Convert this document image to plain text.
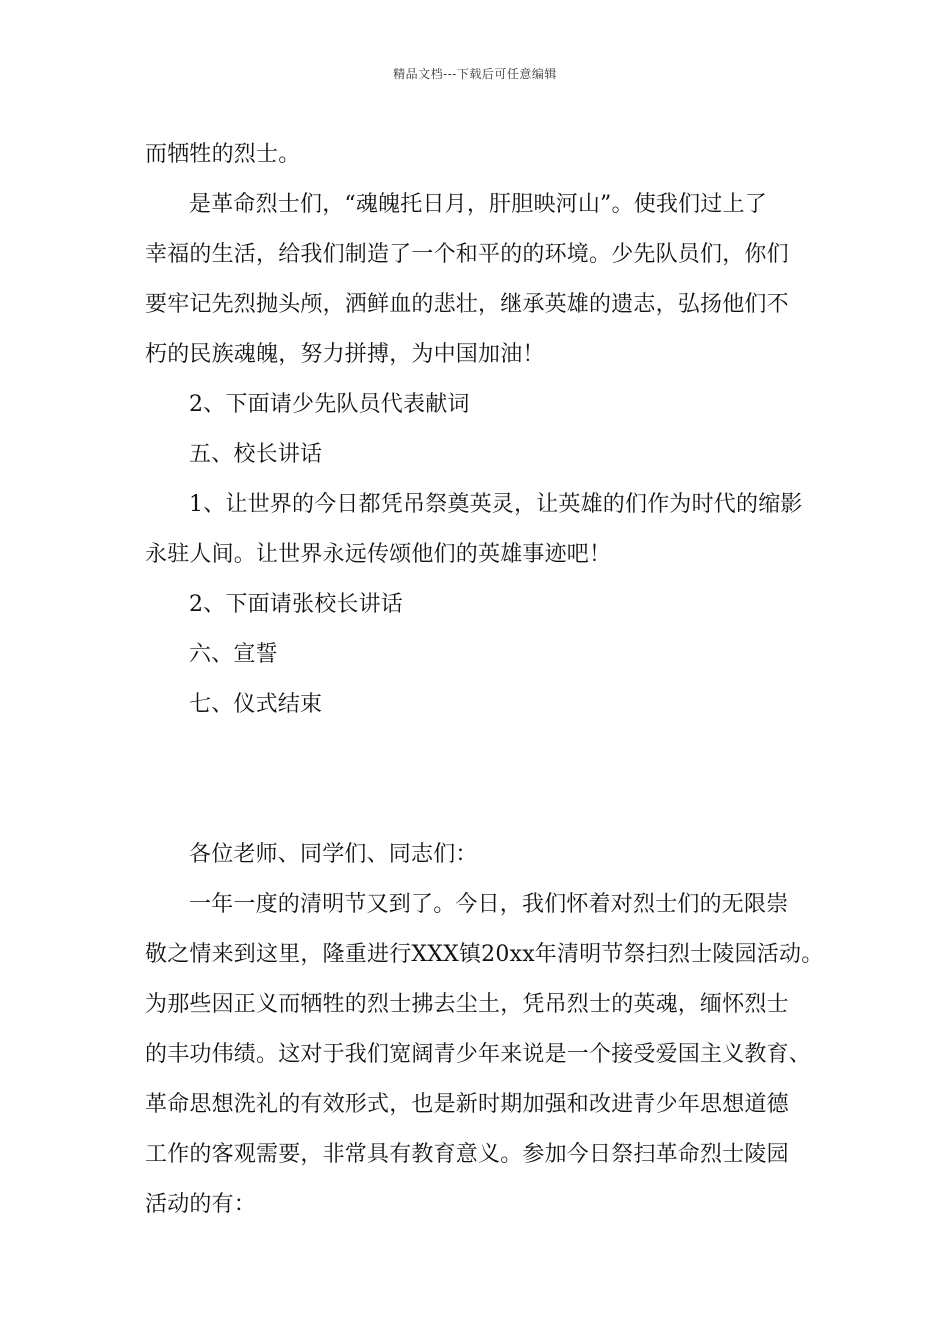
精品文档---下载后可任意编辑
而牺牲的烈士。
是革命烈士们，“魂魄托日月，肝胆映河山”。使我们过上了
幸福的生活，给我们制造了一个和平的的环境。少先队员们，你们
要牢记先烈抛头颅，洒鲜血的悲壮，继承英雄的遗志，弘扬他们不
朽的民族魂魄，努力拼搏，为中国加油！
2、下面请少先队员代表献词
五、校长讲话
1、让世界的今日都凭吊祭奠英灵，让英雄的们作为时代的缩影
永驻人间。让世界永远传颂他们的英雄事迹吧！
2、下面请张校长讲话
六、宣誓
七、仪式结束
各位老师、同学们、同志们：
一年一度的清明节又到了。今日，我们怀着对烈士们的无限崇
敬之情来到这里，隆重进行XXX镇20xx年清明节祭扫烈士陵园活动。
为那些因正义而牺牲的烈士拂去尘土，凭吊烈士的英魂，缅怀烈士
的丰功伟绩。这对于我们宽阔青少年来说是一个接受爱国主义教育、
革命思想洗礼的有效形式，也是新时期加强和改进青少年思想道德
工作的客观需要，非常具有教育意义。参加今日祭扫革命烈士陵园
活动的有：
